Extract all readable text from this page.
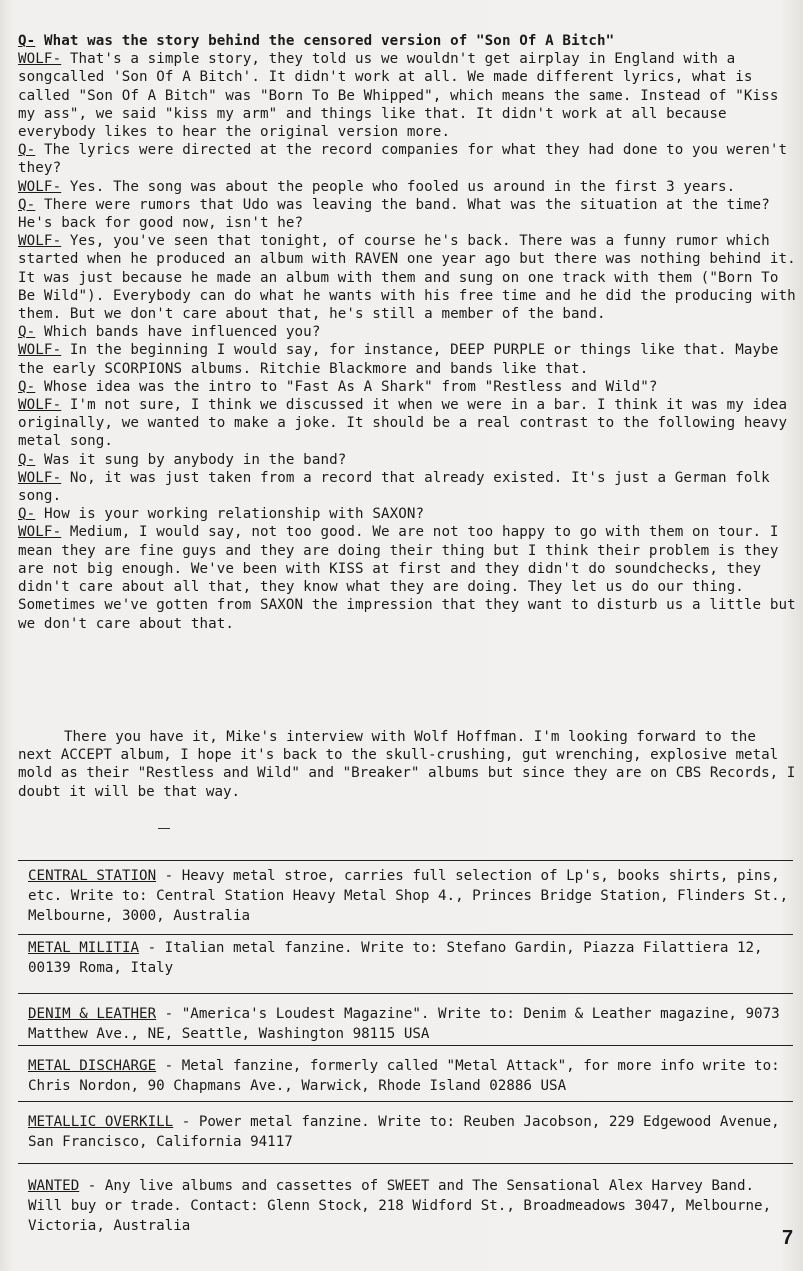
Q- What was the story behind the censored version of "Son Of A Bitch"

WOLF- That's a simple story, they told us we wouldn't get airplay in England with a songcalled 'Son Of A Bitch'. It didn't work at all. We made different lyrics, what is called "Son Of A Bitch" was "Born To Be Whipped", which means the same. Instead of "Kiss my ass", we said "kiss my arm" and things like that. It didn't work at all because everybody likes to hear the original version more.

Q- The lyrics were directed at the record companies for what they had done to you weren't they?

WOLF- Yes. The song was about the people who fooled us around in the first 3 years.

Q- There were rumors that Udo was leaving the band. What was the situation at the time? He's back for good now, isn't he?

WOLF- Yes, you've seen that tonight, of course he's back. There was a funny rumor which started when he produced an album with RAVEN one year ago but there was nothing behind it. It was just because he made an album with them and sung on one track with them ("Born To Be Wild"). Everybody can do what he wants with his free time and he did the producing with them. But we don't care about that, he's still a member of the band.

Q- Which bands have influenced you?

WOLF- In the beginning I would say, for instance, DEEP PURPLE or things like that. Maybe the early SCORPIONS albums. Ritchie Blackmore and bands like that.

Q- Whose idea was the intro to "Fast As A Shark" from "Restless and Wild"?

WOLF- I'm not sure, I think we discussed it when we were in a bar. I think it was my idea originally, we wanted to make a joke. It should be a real contrast to the following heavy metal song.

Q- Was it sung by anybody in the band?

WOLF- No, it was just taken from a record that already existed. It's just a German folk song.

Q- How is your working relationship with SAXON?

WOLF- Medium, I would say, not too good. We are not too happy to go with them on tour. I mean they are fine guys and they are doing their thing but I think their problem is they are not big enough. We've been with KISS at first and they didn't do soundchecks, they didn't care about all that, they know what they are doing. They let us do our thing. Sometimes we've gotten from SAXON the impression that they want to disturb us a little but we don't care about that.

There you have it, Mike's interview with Wolf Hoffman. I'm looking forward to the next ACCEPT album, I hope it's back to the skull-crushing, gut wrenching, explosive metal mold as their "Restless and Wild" and "Breaker" albums but since they are on CBS Records, I doubt it will be that way.

CENTRAL STATION - Heavy metal stroe, carries full selection of Lp's, books shirts, pins, etc. Write to: Central Station Heavy Metal Shop 4., Princes Bridge Station, Flinders St., Melbourne, 3000, Australia

METAL MILITIA - Italian metal fanzine. Write to: Stefano Gardin, Piazza Filattiera 12, 00139 Roma, Italy

DENIM & LEATHER - "America's Loudest Magazine". Write to: Denim & Leather magazine, 9073 Matthew Ave., NE, Seattle, Washington 98115 USA

METAL DISCHARGE - Metal fanzine, formerly called "Metal Attack", for more info write to: Chris Nordon, 90 Chapmans Ave., Warwick, Rhode Island 02886 USA

METALLIC OVERKILL - Power metal fanzine. Write to: Reuben Jacobson, 229 Edgewood Avenue, San Francisco, California 94117

WANTED - Any live albums and cassettes of SWEET and The Sensational Alex Harvey Band. Will buy or trade. Contact: Glenn Stock, 218 Widford St., Broadmeadows 3047, Melbourne, Victoria, Australia

7
